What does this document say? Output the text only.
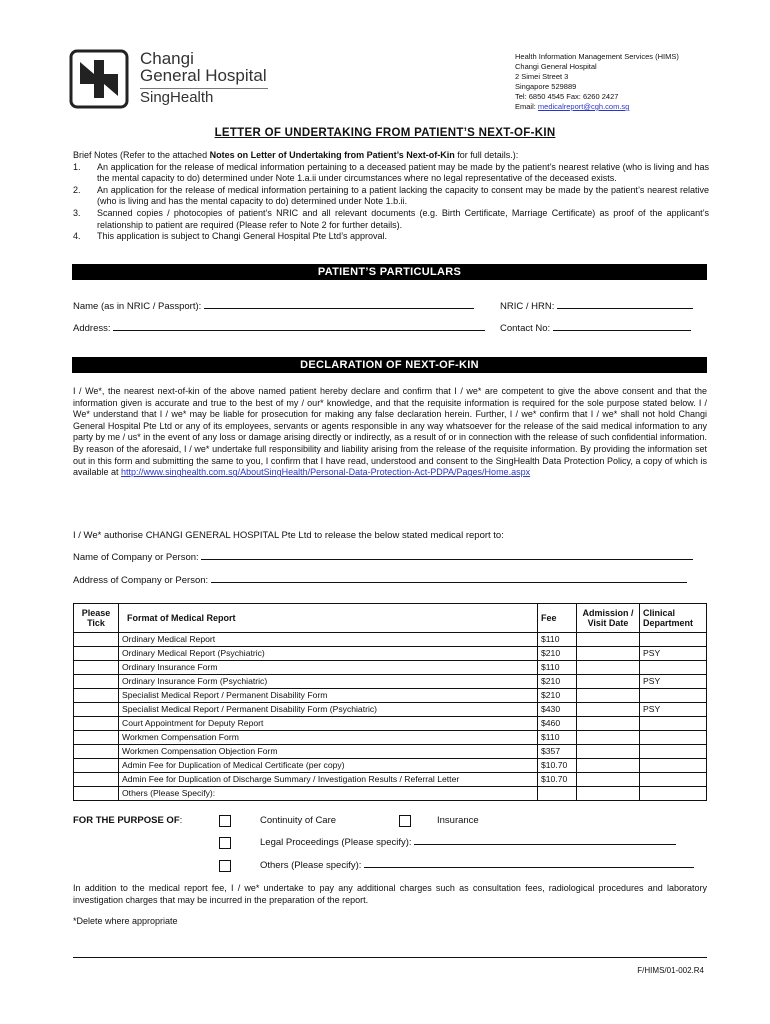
Changi
General Hospital
SingHealth
Health Information Management Services (HIMS)
Changi General Hospital
2 Simei Street 3
Singapore 529889
Tel: 6850 4545 Fax: 6260 2427
Email: medicalreport@cgh.com.sg
LETTER OF UNDERTAKING FROM PATIENT’S NEXT-OF-KIN

Brief Notes (Refer to the attached Notes on Letter of Undertaking from Patient’s Next-of-Kin for full details.):

1. An application for the release of medical information pertaining to a deceased patient may be made by the patient’s nearest relative (who is living and has the mental capacity to do) determined under Note 1.a.ii under circumstances where no legal representative of the deceased exists.
2. An application for the release of medical information pertaining to a patient lacking the capacity to consent may be made by the patient’s nearest relative (who is living and has the mental capacity to do) determined under Note 1.b.ii.
3. Scanned copies / photocopies of patient’s NRIC and all relevant documents (e.g. Birth Certificate, Marriage Certificate) as proof of the applicant’s relationship to patient are required (Please refer to Note 2 for further details).
4. This application is subject to Changi General Hospital Pte Ltd’s approval.
PATIENT’S PARTICULARS
Name (as in NRIC / Passport):	NRIC / HRN:
Address:	Contact No:
DECLARATION OF NEXT-OF-KIN
I / We*, the nearest next-of-kin of the above named patient hereby declare and confirm that I / we* are competent to give the above consent and that the information given is accurate and true to the best of my / our* knowledge, and that the requisite information is required for the sole purpose stated below. I / We* understand that I / we* may be liable for prosecution for making any false declaration herein. Further, I / we* confirm that I / we* shall not hold Changi General Hospital Pte Ltd or any of its employees, servants or agents responsible in any way whatsoever for the release of the said medical information to any party by me / us* in the event of any loss or damage arising directly or indirectly, as a result of or in connection with the release of such confidential information. By reason of the aforesaid, I / we* undertake full responsibility and liability arising from the release of the requisite information. By providing the information set out in this form and submitting the same to you, I confirm that I have read, understood and consent to the SingHealth Data Protection Policy, a copy of which is available at http://www.singhealth.com.sg/AboutSingHealth/Personal-Data-Protection-Act-PDPA/Pages/Home.aspx
I / We* authorise CHANGI GENERAL HOSPITAL Pte Ltd to release the below stated medical report to:
Name of Company or Person:
Address of Company or Person:
Please Tick	Format of Medical Report	Fee	Admission / Visit Date	Clinical Department
	Ordinary Medical Report	$110		
	Ordinary Medical Report (Psychiatric)	$210		PSY
	Ordinary Insurance Form	$110		
	Ordinary Insurance Form (Psychiatric)	$210		PSY
	Specialist Medical Report / Permanent Disability Form	$210		
	Specialist Medical Report / Permanent Disability Form (Psychiatric)	$430		PSY
	Court Appointment for Deputy Report	$460		
	Workmen Compensation Form	$110		
	Workmen Compensation Objection Form	$357		
	Admin Fee for Duplication of Medical Certificate (per copy)	$10.70		
	Admin Fee for Duplication of Discharge Summary / Investigation Results / Referral Letter	$10.70		
	Others (Please Specify):			
FOR THE PURPOSE OF:	Continuity of Care	Insurance
Legal Proceedings (Please specify):
Others (Please specify):
In addition to the medical report fee, I / we* undertake to pay any additional charges such as consultation fees, radiological procedures and laboratory investigation charges that may be incurred in the preparation of the report.
*Delete where appropriate
F/HIMS/01-002.R4
